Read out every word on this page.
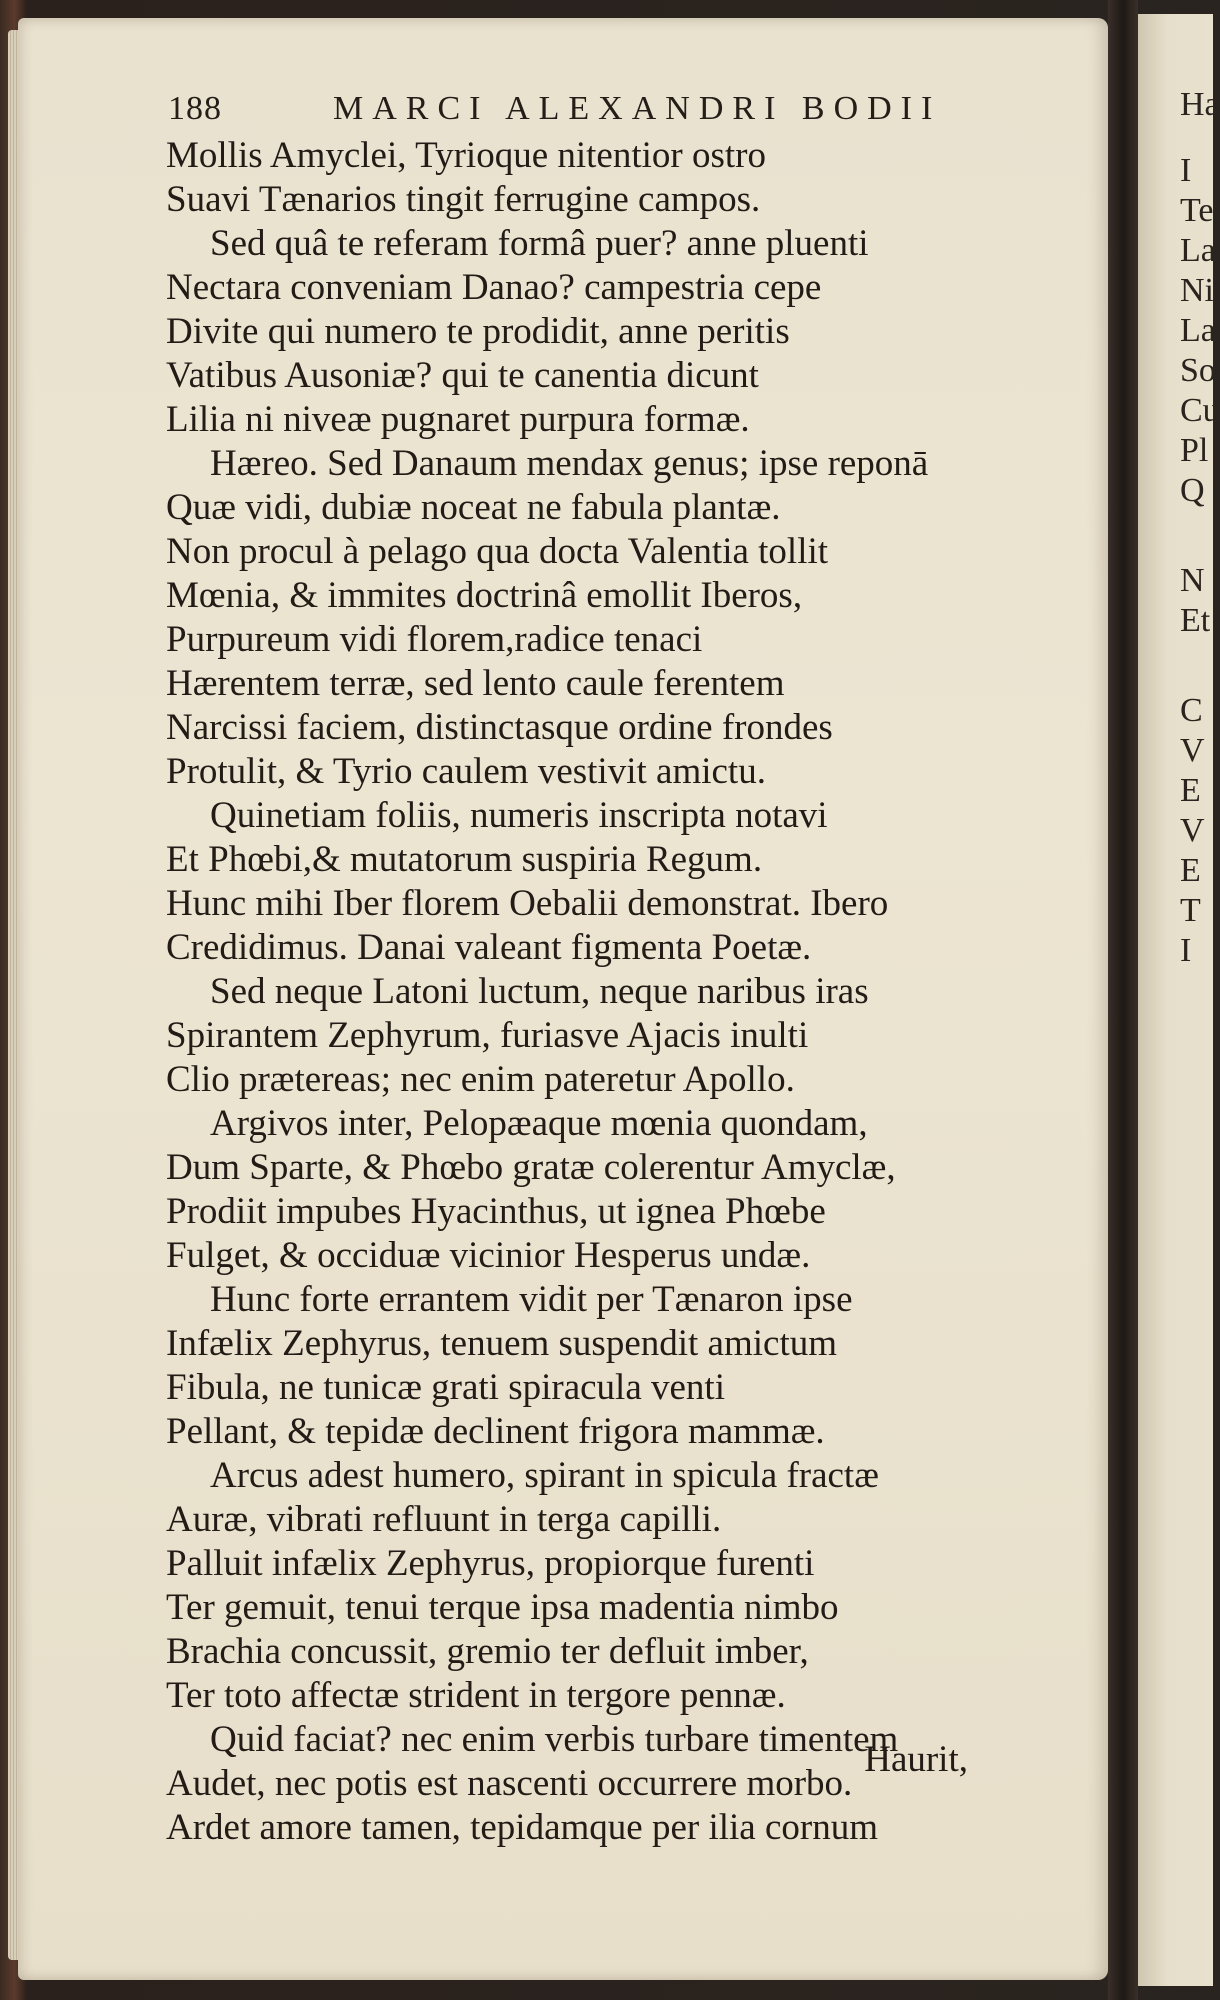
188	MARCI ALEXANDRI BODII
Mollis Amyclei, Tyrioque nitentior ostro
Suavi Tænarios tingit ferrugine campos.
Sed quâ te referam formâ puer? anne pluenti
Nectara conveniam Danao? campestria cepe
Divite qui numero te prodidit, anne peritis
Vatibus Ausoniæ? qui te canentia dicunt
Lilia ni niveæ pugnaret purpura formæ.
Hæreo. Sed Danaum mendax genus; ipse reponā
Quæ vidi, dubiæ noceat ne fabula plantæ.
Non procul à pelago qua docta Valentia tollit
Mœnia, & immites doctrinâ emollit Iberos,
Purpureum vidi florem,radice tenaci
Hærentem terræ, sed lento caule ferentem
Narcissi faciem, distinctasque ordine frondes
Protulit, & Tyrio caulem vestivit amictu.
Quinetiam foliis, numeris inscripta notavi
Et Phœbi,& mutatorum suspiria Regum.
Hunc mihi Iber florem Oebalii demonstrat. Ibero
Credidimus. Danai valeant figmenta Poetæ.
Sed neque Latoni luctum, neque naribus iras
Spirantem Zephyrum, furiasve Ajacis inulti
Clio prætereas; nec enim pateretur Apollo.
Argivos inter, Pelopæaque mœnia quondam,
Dum Sparte, & Phœbo gratæ colerentur Amyclæ,
Prodiit impubes Hyacinthus, ut ignea Phœbe
Fulget, & occiduæ vicinior Hesperus undæ.
Hunc forte errantem vidit per Tænaron ipse
Infælix Zephyrus, tenuem suspendit amictum
Fibula, ne tunicæ grati spiracula venti
Pellant, & tepidæ declinent frigora mammæ.
Arcus adest humero, spirant in spicula fractæ
Auræ, vibrati refluunt in terga capilli.
Palluit infælix Zephyrus, propiorque furenti
Ter gemuit, tenui terque ipsa madentia nimbo
Brachia concussit, gremio ter defluit imber,
Ter toto affectæ strident in tergore pennæ.
Quid faciat? nec enim verbis turbare timentem
Audet, nec potis est nascenti occurrere morbo.
Ardet amore tamen, tepidamque per ilia cornum
Haurit,
Ha
I
Te
La
Ni
La
So
Cu
Pl
Q
N
Et
C
V
E
V
E
T
I
